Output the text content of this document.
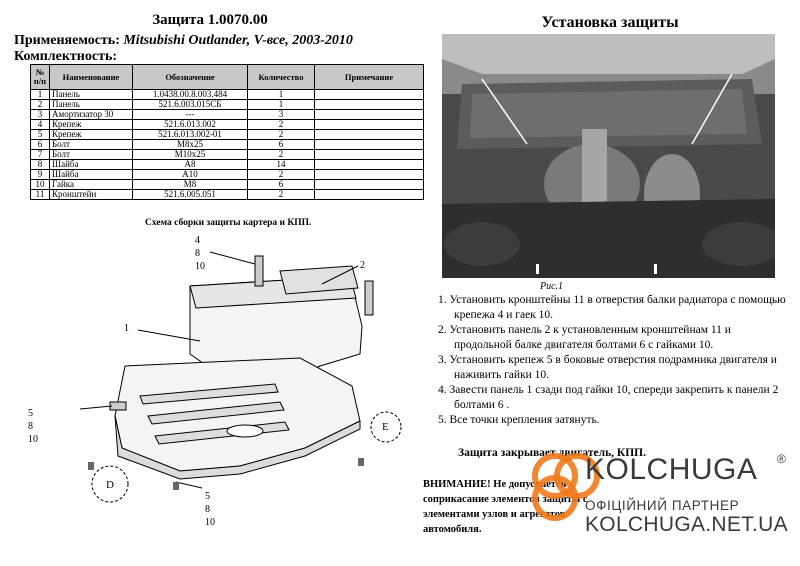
Защита 1.0070.00
Применяемость: Mitsubishi Outlander, V-все, 2003-2010
Комплектность:
№ п/п	Наименование	Обозначение	Количество	Примечание
1	Панель	1.0438.00.8.003.484	1	
2	Панель	521.6.003.015СБ	1	
3	Амортизатор 30	---	3	
4	Крепеж	521.6.013.002	2	
5	Крепеж	521.6.013.002-01	2	
6	Болт	М8х25	6	
7	Болт	М10х25	2	
8	Шайба	А8	14	
9	Шайба	А10	2	
10	Гайка	М8	6	
11	Кронштейн	521.6.005.051	2	
Схема сборки защиты картера и КПП.
4
8
10	2
1
5
8
10
5
8
10
D
E
Установка защиты
Рис.1
1. Установить кронштейны 11 в отверстия балки радиатора с помощью крепежа 4 и гаек 10.
2. Установить панель 2 к установленным кронштейнам 11 и продольной балке двигателя болтами 6 с гайками 10.
3. Установить крепеж 5 в боковые отверстия подрамника двигателя и наживить гайки 10.
4. Завести панель 1 сзади под гайки 10, спереди закрепить к панели 2 болтами 6 .
5. Все точки крепления затянуть.
Защита закрывает двигатель, КПП.
ВНИМАНИЕ! Не допускается соприкасание элементов защиты с элементами узлов и агрегатов автомобиля.
KOLCHUGA ®
ОФІЦІЙНИЙ ПАРТНЕР
KOLCHUGA.NET.UA
